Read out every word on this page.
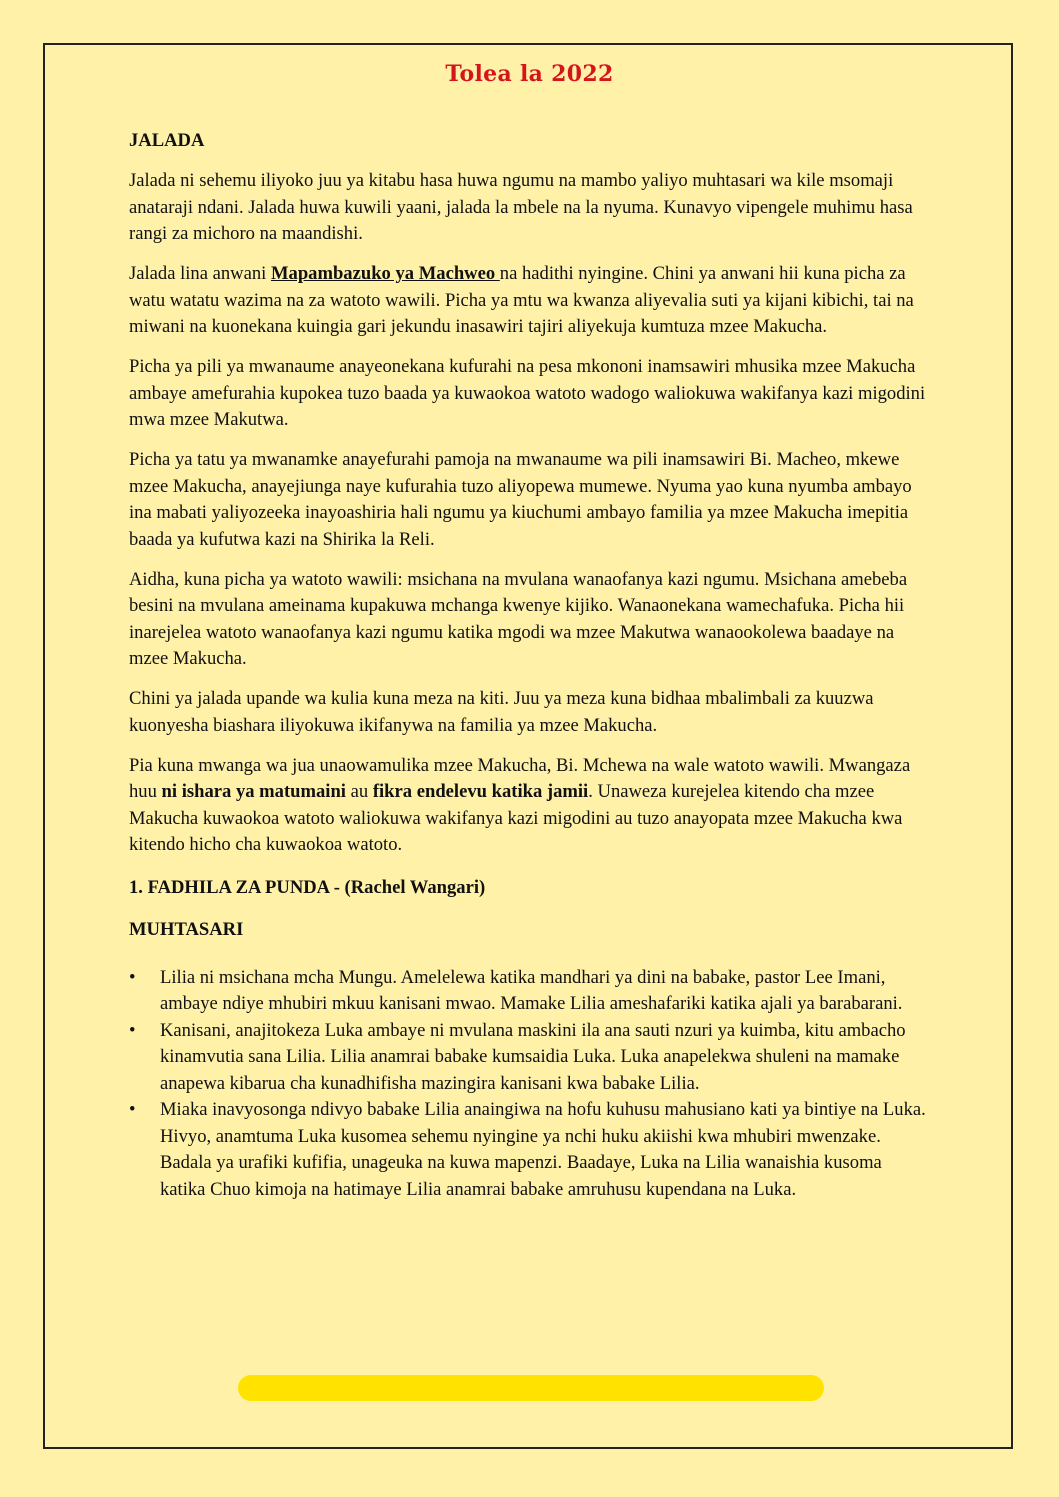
Tolea la 2022

JALADA

Jalada ni sehemu iliyoko juu ya kitabu hasa huwa ngumu na mambo yaliyo muhtasari wa kile msomaji anataraji ndani. Jalada huwa kuwili yaani, jalada la mbele na la nyuma. Kunavyo vipengele muhimu hasa rangi za michoro na maandishi.

Jalada lina anwani Mapambazuko ya Machweo na hadithi nyingine. Chini ya anwani hii kuna picha za watu watatu wazima na za watoto wawili. Picha ya mtu wa kwanza aliyevalia suti ya kijani kibichi, tai na miwani na kuonekana kuingia gari jekundu inasawiri tajiri aliyekuja kumtuza mzee Makucha.

Picha ya pili ya mwanaume anayeonekana kufurahi na pesa mkononi inamsawiri mhusika mzee Makucha ambaye amefurahia kupokea tuzo baada ya kuwaokoa watoto wadogo waliokuwa wakifanya kazi migodini mwa mzee Makutwa.

Picha ya tatu ya mwanamke anayefurahi pamoja na mwanaume wa pili inamsawiri Bi. Macheo, mkewe mzee Makucha, anayejiunga naye kufurahia tuzo aliyopewa mumewe. Nyuma yao kuna nyumba ambayo ina mabati yaliyozeeka inayoashiria hali ngumu ya kiuchumi ambayo familia ya mzee Makucha imepitia baada ya kufutwa kazi na Shirika la Reli.

Aidha, kuna picha ya watoto wawili: msichana na mvulana wanaofanya kazi ngumu. Msichana amebeba besini na mvulana ameinama kupakuwa mchanga kwenye kijiko. Wanaonekana wamechafuka. Picha hii inarejelea watoto wanaofanya kazi ngumu katika mgodi wa mzee Makutwa wanaookolewa baadaye na mzee Makucha.

Chini ya jalada upande wa kulia kuna meza na kiti. Juu ya meza kuna bidhaa mbalimbali za kuuzwa kuonyesha biashara iliyokuwa ikifanywa na familia ya mzee Makucha.

Pia kuna mwanga wa jua unaowamulika mzee Makucha, Bi. Mchewa na wale watoto wawili. Mwangaza huu ni ishara ya matumaini au fikra endelevu katika jamii. Unaweza kurejelea kitendo cha mzee Makucha kuwaokoa watoto waliokuwa wakifanya kazi migodini au tuzo anayopata mzee Makucha kwa kitendo hicho cha kuwaokoa watoto.

1. FADHILA ZA PUNDA - (Rachel Wangari)

MUHTASARI

• Lilia ni msichana mcha Mungu. Amelelewa katika mandhari ya dini na babake, pastor Lee Imani, ambaye ndiye mhubiri mkuu kanisani mwao. Mamake Lilia ameshafariki katika ajali ya barabarani.
• Kanisani, anajitokeza Luka ambaye ni mvulana maskini ila ana sauti nzuri ya kuimba, kitu ambacho kinamvutia sana Lilia. Lilia anamrai babake kumsaidia Luka. Luka anapelekwa shuleni na mamake anapewa kibarua cha kunadhifisha mazingira kanisani kwa babake Lilia.
• Miaka inavyosonga ndivyo babake Lilia anaingiwa na hofu kuhusu mahusiano kati ya bintiye na Luka. Hivyo, anamtuma Luka kusomea sehemu nyingine ya nchi huku akiishi kwa mhubiri mwenzake. Badala ya urafiki kufifia, unageuka na kuwa mapenzi. Baadaye, Luka na Lilia wanaishia kusoma katika Chuo kimoja na hatimaye Lilia anamrai babake amruhusu kupendana na Luka.
